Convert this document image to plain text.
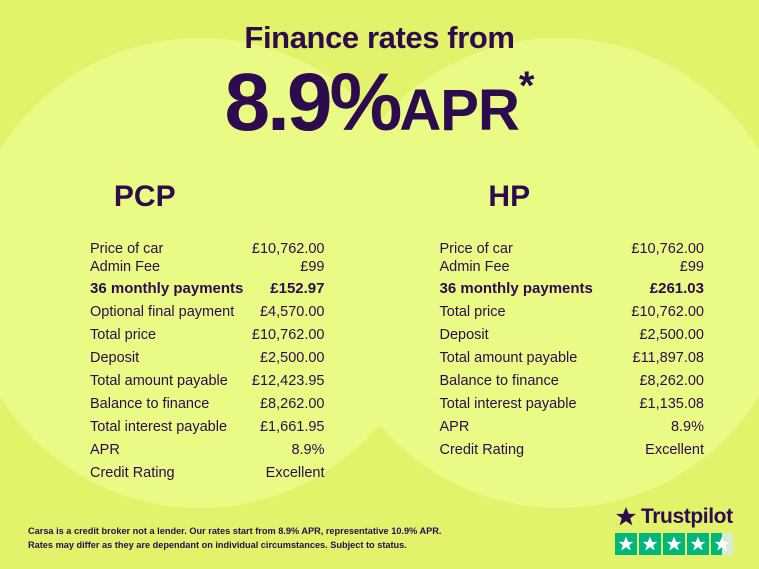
Finance rates from
8.9%APR*
PCP
Price of car	£10,762.00
Admin Fee	£99
36 monthly payments £152.97
Optional final payment £4,570.00
Total price	£10,762.00
Deposit	£2,500.00
Total amount payable £12,423.95
Balance to finance	£8,262.00
Total interest payable £1,661.95
APR	8.9%
Credit Rating	Excellent
HP
Price of car	£10,762.00
Admin Fee	£99
36 monthly payments	£261.03
Total price	£10,762.00
Deposit	£2,500.00
Total amount payable	£11,897.08
Balance to finance	£8,262.00
Total interest payable	£1,135.08
APR	8.9%
Credit Rating	Excellent
Carsa is a credit broker not a lender. Our rates start from 8.9% APR, representative 10.9% APR. Rates may differ as they are dependant on individual circumstances. Subject to status.
Trustpilot
